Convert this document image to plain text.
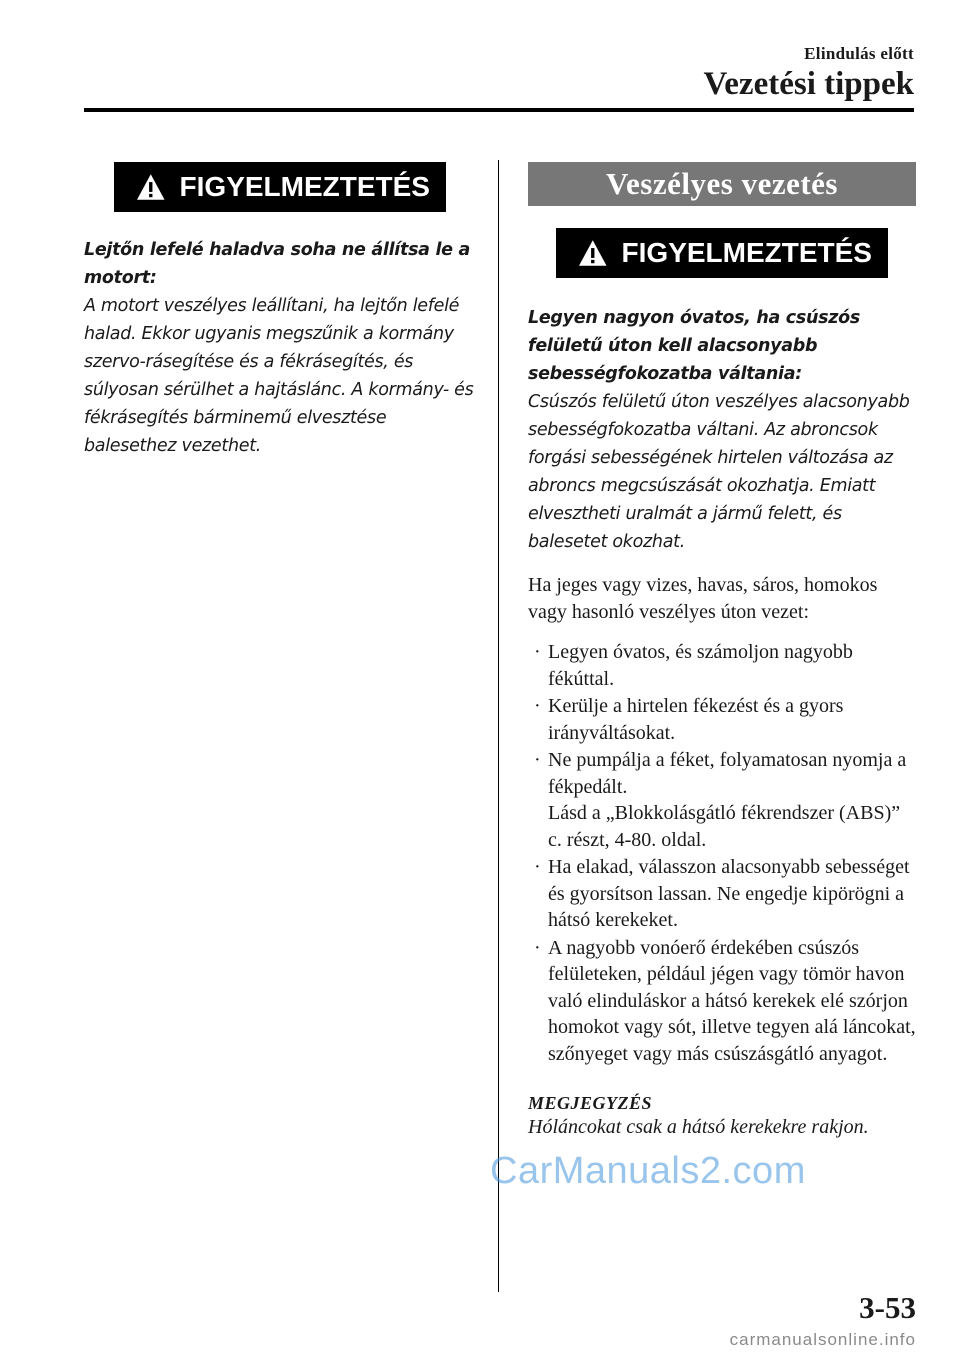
Elindulás előtt
Vezetési tippek
FIGYELMEZTETÉS

Lejtőn lefelé haladva soha ne állítsa le a motort:

A motort veszélyes leállítani, ha lejtőn lefelé halad. Ekkor ugyanis megszűnik a kormány szervo-rásegítése és a fékrásegítés, és súlyosan sérülhet a hajtáslánc. A kormány- és fékrásegítés bárminemű elvesztése balesethez vezethet.

Veszélyes vezetés
FIGYELMEZTETÉS

Legyen nagyon óvatos, ha csúszós felületű úton kell alacsonyabb sebességfokozatba váltania:

Csúszós felületű úton veszélyes alacsonyabb sebességfokozatba váltani. Az abroncsok forgási sebességének hirtelen változása az abroncs megcsúszását okozhatja. Emiatt elvesztheti uralmát a jármű felett, és balesetet okozhat.

Ha jeges vagy vizes, havas, sáros, homokos vagy hasonló veszélyes úton vezet:

· Legyen óvatos, és számoljon nagyobb fékúttal.
· Kerülje a hirtelen fékezést és a gyors irányváltásokat.
· Ne pumpálja a féket, folyamatosan nyomja a fékpedált.
Lásd a „Blokkolásgátló fékrendszer (ABS)” c. részt, 4-80. oldal.
· Ha elakad, válasszon alacsonyabb sebességet és gyorsítson lassan. Ne engedje kipörögni a hátsó kerekeket.
· A nagyobb vonóerő érdekében csúszós felületeken, például jégen vagy tömör havon való elinduláskor a hátsó kerekek elé szórjon homokot vagy sót, illetve tegyen alá láncokat, szőnyeget vagy más csúszásgátló anyagot.
MEGJEGYZÉS
Hóláncokat csak a hátsó kerekekre rakjon.
CarManuals2.com
3-53
carmanualsonline.info
